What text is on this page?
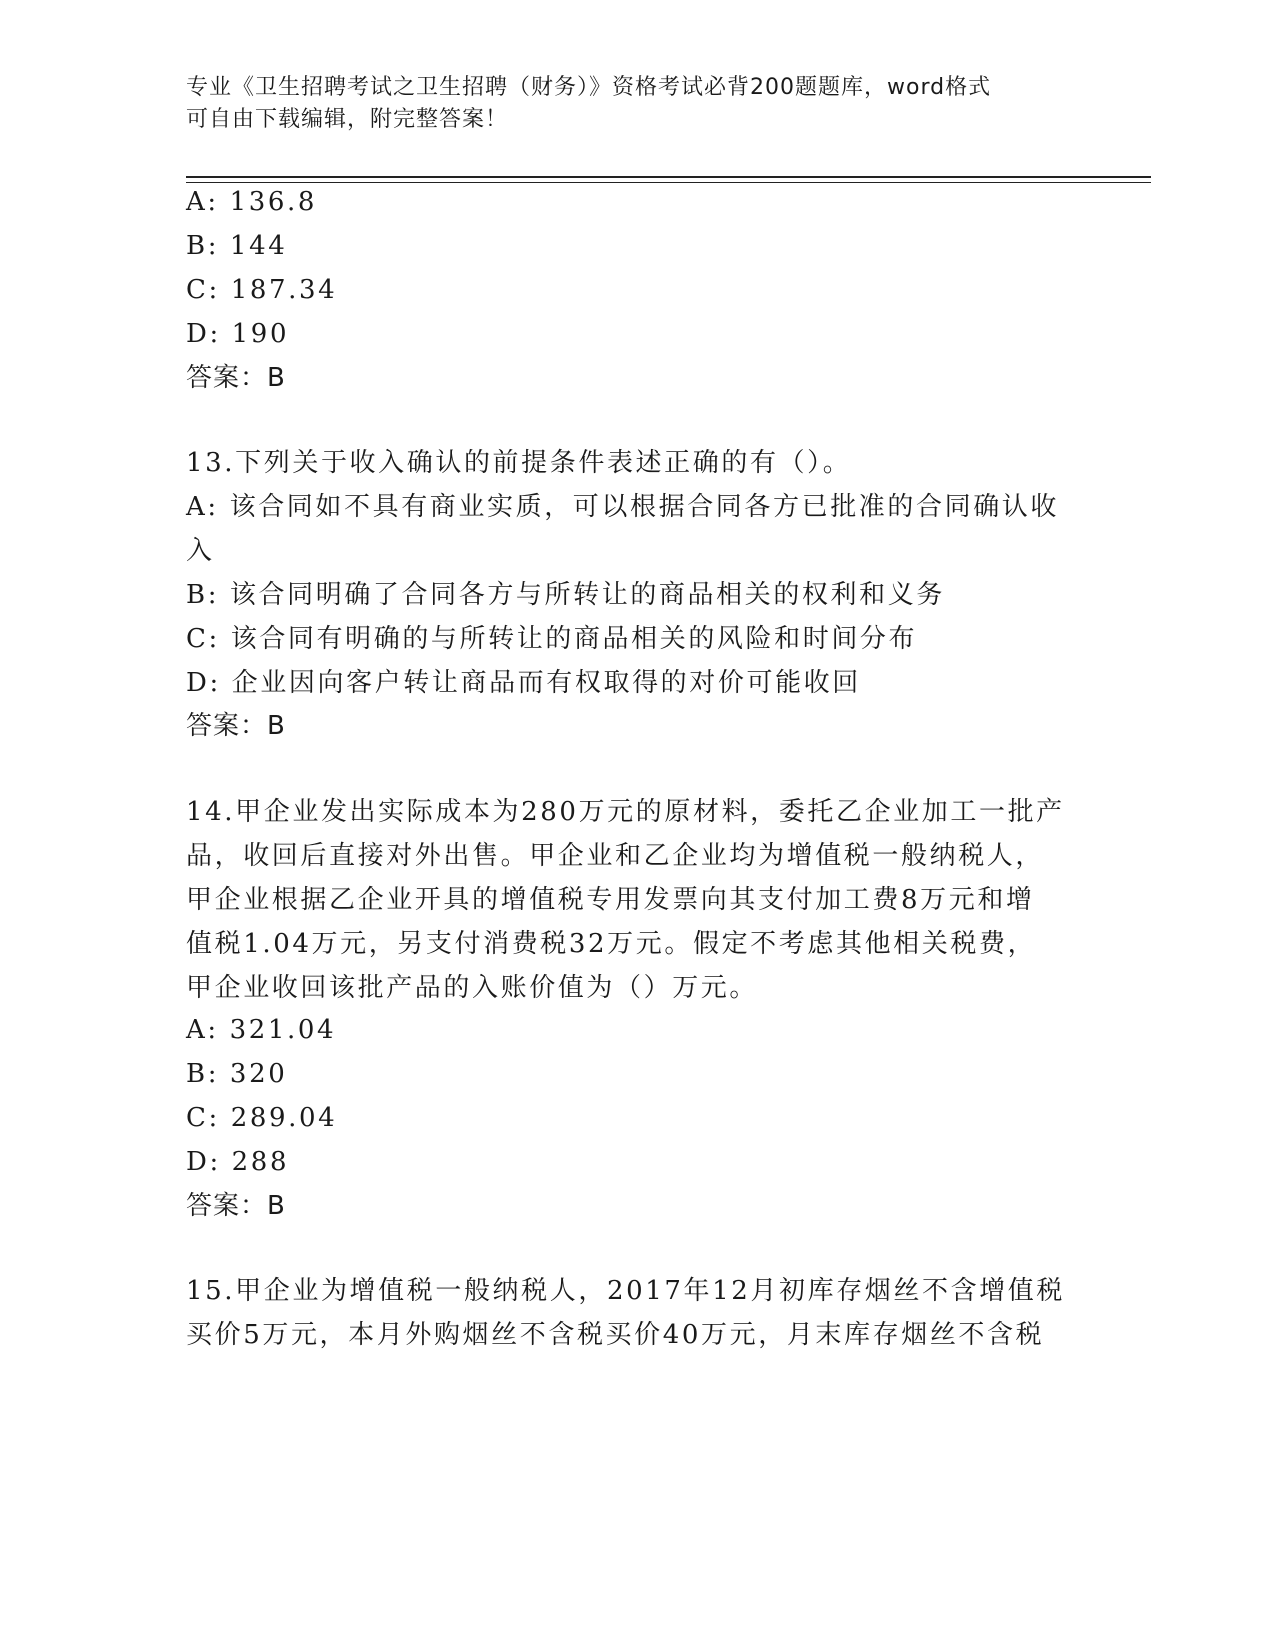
专业《卫生招聘考试之卫生招聘（财务）》资格考试必背200题题库，word格式
可自由下载编辑，附完整答案！
A: 136.8
B: 144
C: 187.34
D: 190
答案：B
13.下列关于收入确认的前提条件表述正确的有（）。
A: 该合同如不具有商业实质，可以根据合同各方已批准的合同确认收
入
B: 该合同明确了合同各方与所转让的商品相关的权利和义务
C: 该合同有明确的与所转让的商品相关的风险和时间分布
D: 企业因向客户转让商品而有权取得的对价可能收回
答案：B
14.甲企业发出实际成本为280万元的原材料，委托乙企业加工一批产
品，收回后直接对外出售。甲企业和乙企业均为增值税一般纳税人，
甲企业根据乙企业开具的增值税专用发票向其支付加工费8万元和增
值税1.04万元，另支付消费税32万元。假定不考虑其他相关税费，
甲企业收回该批产品的入账价值为（）万元。
A: 321.04
B: 320
C: 289.04
D: 288
答案：B
15.甲企业为增值税一般纳税人，2017年12月初库存烟丝不含增值税
买价5万元，本月外购烟丝不含税买价40万元，月末库存烟丝不含税
